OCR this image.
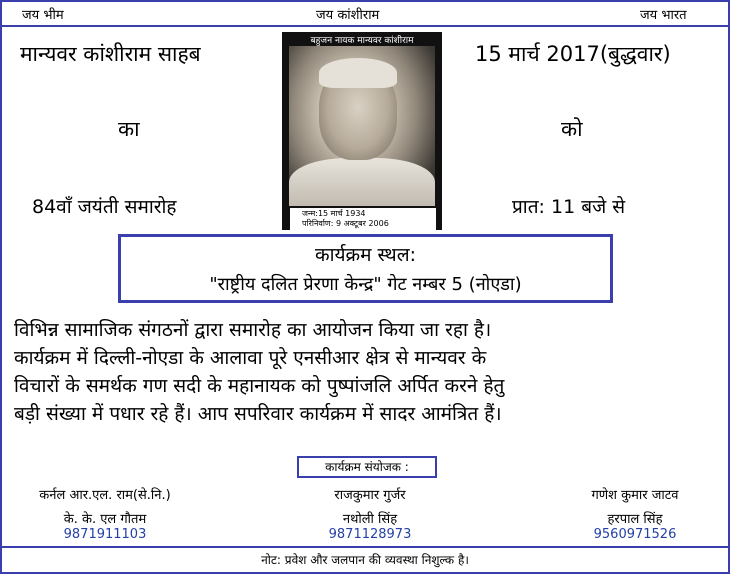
जय भीम	जय कांशीराम	जय भारत
मान्यवर कांशीराम साहब
का
84वाँ जयंती समारोह
15 मार्च 2017(बुद्धवार)
को
प्रात: 11 बजे से
बहुजन नायक मान्यवर कांशीराम
जन्म:15 मार्च 1934
परिनिर्वाण: 9 अक्टूबर 2006
कार्यक्रम स्थल:
"राष्ट्रीय दलित प्रेरणा केन्द्र" गेट नम्बर 5 (नोएडा)
विभिन्न सामाजिक संगठनों द्वारा समारोह का आयोजन किया जा रहा है।
कार्यक्रम में दिल्ली-नोएडा के आलावा पूरे एनसीआर क्षेत्र से मान्यवर के
विचारों के समर्थक गण सदी के महानायक को पुष्पांजलि अर्पित करने हेतु
बड़ी संख्या में पधार रहे हैं। आप सपरिवार कार्यक्रम में सादर आमंत्रित हैं।
कार्यक्रम संयोजक :
कर्नल आर.एल. राम(से.नि.)
के. के. एल गौतम
9871911103
राजकुमार गुर्जर
नथोली सिंह
9871128973
गणेश कुमार जाटव
हरपाल सिंह
9560971526
नोट: प्रवेश और जलपान की व्यवस्था निशुल्क है।
